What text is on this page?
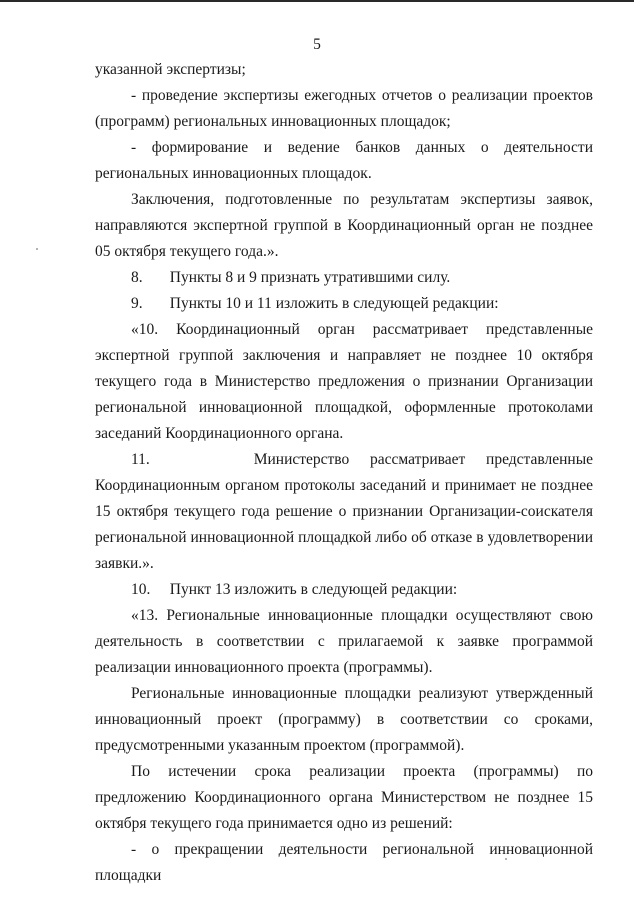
5

указанной экспертизы;

- проведение экспертизы ежегодных отчетов о реализации проектов (программ) региональных инновационных площадок;

- формирование и ведение банков данных о деятельности региональных инновационных площадок.

Заключения, подготовленные по результатам экспертизы заявок, направляются экспертной группой в Координационный орган не позднее 05 октября текущего года.».

8.       Пункты 8 и 9 признать утратившими силу.

9.       Пункты 10 и 11 изложить в следующей редакции:

«10. Координационный орган рассматривает представленные экспертной группой заключения и направляет не позднее 10 октября текущего года в Министерство предложения о признании Организации региональной инновационной площадкой, оформленные протоколами заседаний Координационного органа.

11.     Министерство рассматривает представленные Координационным органом протоколы заседаний и принимает не позднее 15 октября текущего года решение о признании Организации-соискателя региональной инновационной площадкой либо об отказе в удовлетворении заявки.».

10.     Пункт 13 изложить в следующей редакции:

«13. Региональные инновационные площадки осуществляют свою деятельность в соответствии с прилагаемой к заявке программой реализации инновационного проекта (программы).

Региональные инновационные площадки реализуют утвержденный инновационный проект (программу) в соответствии со сроками, предусмотренными указанным проектом (программой).

По истечении срока реализации проекта (программы) по предложению Координационного органа Министерством не позднее 15 октября текущего года принимается одно из решений:

- о прекращении деятельности региональной инновационной площадки
